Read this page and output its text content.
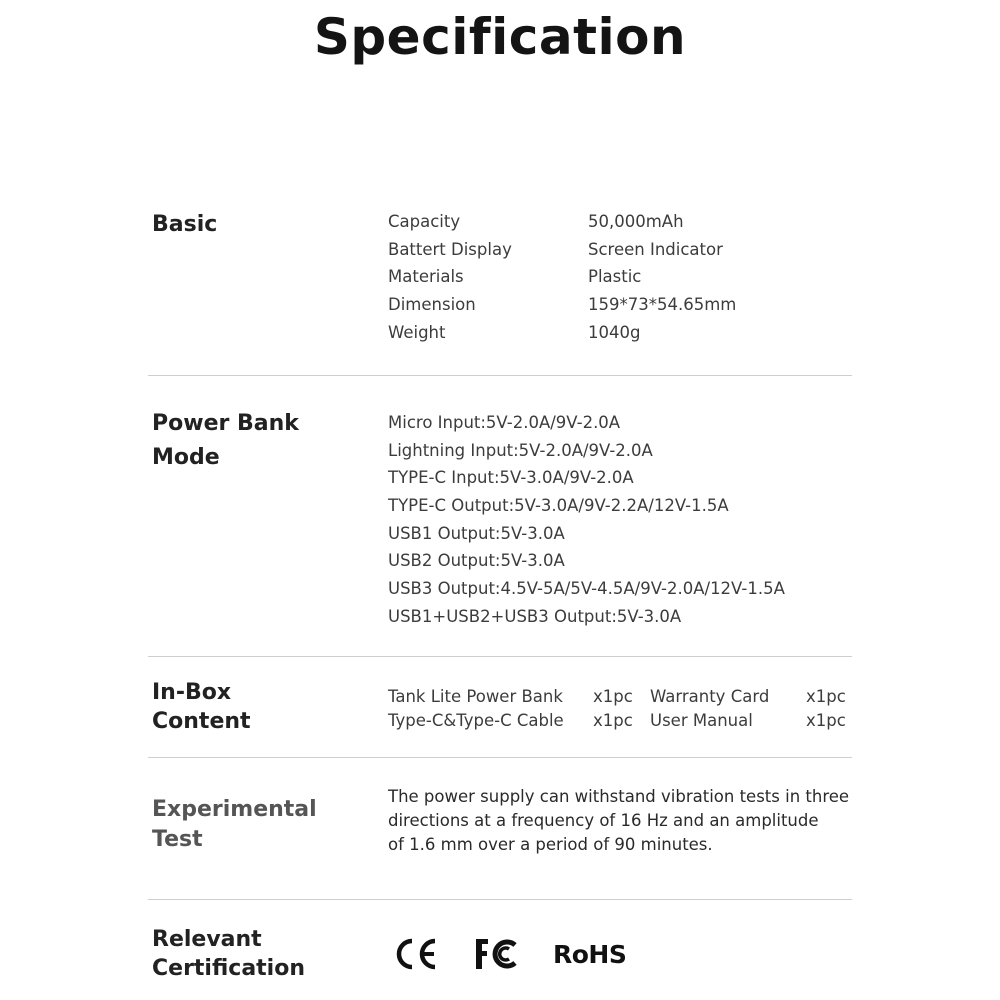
Specification
Basic	Capacity	50,000mAh
Battert Display	Screen Indicator
Materials	Plastic
Dimension	159*73*54.65mm
Weight	1040g
Power Bank
Mode
Micro Input:5V-2.0A/9V-2.0A
Lightning Input:5V-2.0A/9V-2.0A
TYPE-C Input:5V-3.0A/9V-2.0A
TYPE-C Output:5V-3.0A/9V-2.2A/12V-1.5A
USB1 Output:5V-3.0A
USB2 Output:5V-3.0A
USB3 Output:4.5V-5A/5V-4.5A/9V-2.0A/12V-1.5A
USB1+USB2+USB3 Output:5V-3.0A
In-Box
Content
Tank Lite Power Bank x1pc Warranty Card x1pc
Type-C&Type-C Cable x1pc User Manual	x1pc
Experimental
Test
The power supply can withstand vibration tests in three
directions at a frequency of 16 Hz and an amplitude
of 1.6 mm over a period of 90 minutes.
Relevant
Certification	RoHS
